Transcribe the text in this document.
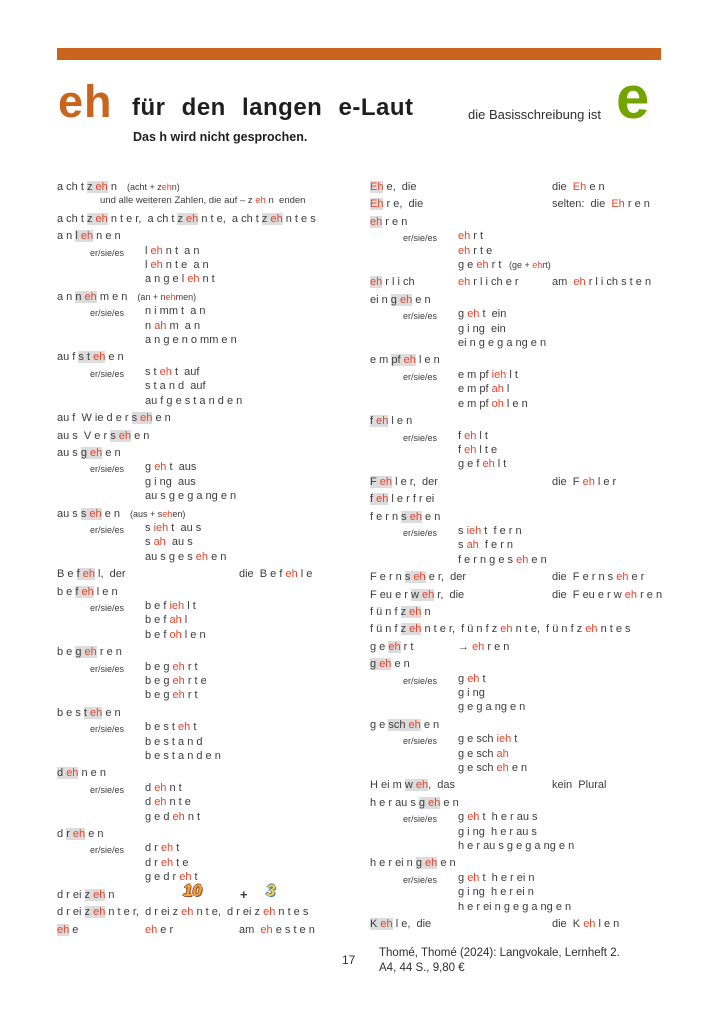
eh für den langen e-Laut	die Basisschreibung ist e
Das h wird nicht gesprochen.
a ch t z eh n (acht + zehn)
und alle weiteren Zahlen, die auf – z eh n  enden
a ch t z eh n t e r,  a ch t z eh n t e,  a ch t z eh n t e s
a n l eh n e n
er/sie/es l eh n t  a n
l eh n t e  a n
a n g e l eh n t
a n n eh m e n (an + nehmen)
er/sie/es n i mm t  a n
n ah m  a n
a n g e n o mm e n
au f s t eh e n
er/sie/es s t eh t  auf
s t a n d  auf
au f g e s t a n d e n
au f  W ie d e r s eh e n
au s  V e r s eh e n
au s g eh e n
er/sie/es g eh t  aus
g i ng  aus
au s g e g a ng e n
au s s eh e n (aus + sehen)
er/sie/es s ieh t  au s
s ah  au s
au s g e s eh e n
B e f eh l,  der	die  B e f eh l e
b e f eh l e n
er/sie/es b e f ieh l t
b e f ah l
b e f oh l e n
b e g eh r e n
er/sie/es b e g eh r t
b e g eh r t e
b e g eh r t
b e s t eh e n
er/sie/es b e s t eh t
b e s t a n d
b e s t a n d e n
d eh n e n
er/sie/es d eh n t
d eh n t e
g e d eh n t
d r eh e n
er/sie/es d r eh t
d r eh t e
g e d r eh t
d r ei z eh n	10	+ 3
d r ei z eh n t e r,  d r ei z eh n t e,  d r ei z eh n t e s
eh e	eh e r	am  eh e s t e n
Eh e,  die	die  Eh e n
Eh r e,  die	selten:  die  Eh r e n
eh r e n
er/sie/es eh r t
eh r t e
g e eh r t   (ge + ehrt)
eh r l i ch	eh r l i ch e r	am  eh r l i ch s t e n
ei n g eh e n
er/sie/es g eh t  ein
g i ng  ein
ei n g e g a ng e n
e m pf eh l e n
er/sie/es e m pf ieh l t
e m pf ah l
e m pf oh l e n
f eh l e n
er/sie/es f eh l t
f eh l t e
g e f eh l t
F eh l e r,  der	die  F eh l e r
f eh l e r f r ei
f e r n s eh e n
er/sie/es s ieh t  f e r n
s ah  f e r n
f e r n g e s eh e n
F e r n s eh e r,  der	die  F e r n s eh e r
F eu e r w eh r,  die	die  F eu e r w eh r e n
f ü n f z eh n
f ü n f z eh n t e r,  f ü n f z eh n t e,  f ü n f z eh n t e s
g e eh r t	→ eh r e n
g eh e n
er/sie/es g eh t
g i ng
g e g a ng e n
g e sch eh e n
er/sie/es g e sch ieh t
g e sch ah
g e sch eh e n
H ei m w eh,  das	kein  Plural
h e r au s g eh e n
er/sie/es g eh t  h e r au s
g i ng  h e r au s
h e r au s g e g a ng e n
h e r ei n g eh e n
er/sie/es g eh t  h e r ei n
g i ng  h e r ei n
h e r ei n g e g a ng e n
K eh l e,  die	die  K eh l e n
17 Thomé, Thomé (2024): Langvokale, Lernheft 2.
A4, 44 S., 9,80 €
